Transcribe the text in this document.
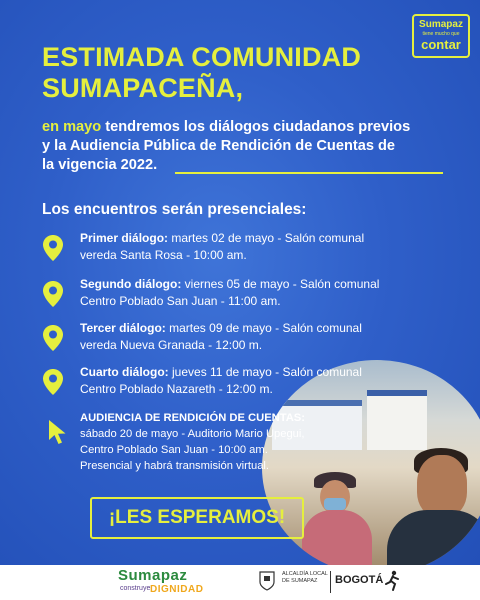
Sumapaz
tiene mucho que
contar
ESTIMADA COMUNIDAD
SUMAPACEÑA,
en mayo tendremos los diálogos ciudadanos previos
y la Audiencia Pública de Rendición de Cuentas de
la vigencia 2022.
Los encuentros serán presenciales:
Primer diálogo: martes 02 de mayo - Salón comunal
vereda Santa Rosa - 10:00 am.
Segundo diálogo: viernes 05 de mayo - Salón comunal
Centro Poblado San Juan - 11:00 am.
Tercer diálogo: martes 09 de mayo - Salón comunal
vereda Nueva Granada - 12:00 m.
Cuarto diálogo: jueves 11 de mayo - Salón comunal
Centro Poblado Nazareth - 12:00 m.
AUDIENCIA DE RENDICIÓN DE CUENTAS:
sábado 20 de mayo - Auditorio Mario Upegui,
Centro Poblado San Juan - 10:00 am.
Presencial y habrá transmisión virtual.
¡LES ESPERAMOS!
Sumapaz
construye DIGNIDAD
ALCALDÍA LOCAL
DE SUMAPAZ	BOGOTÁ
